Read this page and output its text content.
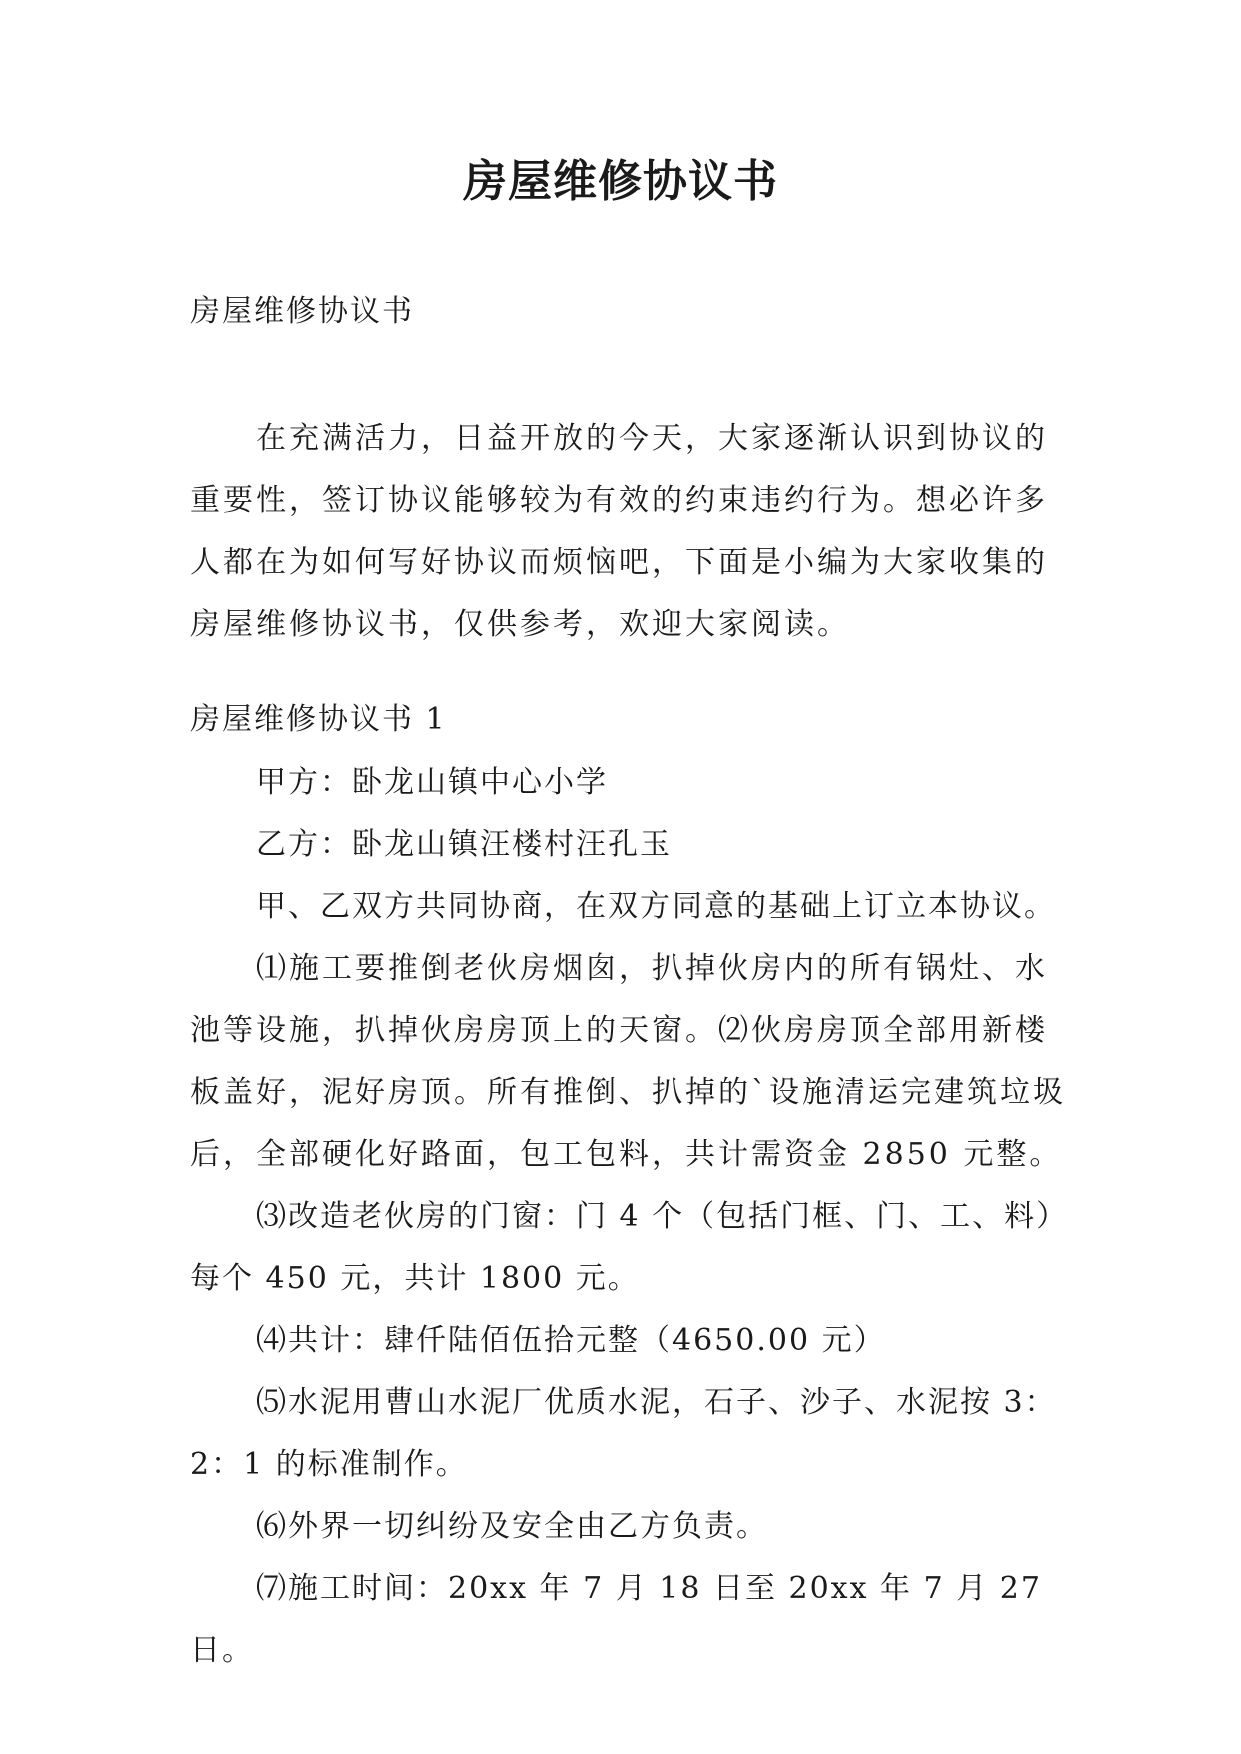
房屋维修协议书
房屋维修协议书

在充满活力，日益开放的今天，大家逐渐认识到协议的重要性，签订协议能够较为有效的约束违约行为。想必许多人都在为如何写好协议而烦恼吧，下面是小编为大家收集的房屋维修协议书，仅供参考，欢迎大家阅读。

房屋维修协议书 1

甲方：卧龙山镇中心小学

乙方：卧龙山镇汪楼村汪孔玉

甲、乙双方共同协商，在双方同意的基础上订立本协议。

⑴施工要推倒老伙房烟囱，扒掉伙房内的所有锅灶、水池等设施，扒掉伙房房顶上的天窗。⑵伙房房顶全部用新楼板盖好，泥好房顶。所有推倒、扒掉的`设施清运完建筑垃圾后，全部硬化好路面，包工包料，共计需资金 2850 元整。

⑶改造老伙房的门窗：门 4 个（包括门框、门、工、料）每个 450 元，共计 1800 元。

⑷共计：肆仟陆佰伍拾元整（4650.00 元）

⑸水泥用曹山水泥厂优质水泥，石子、沙子、水泥按 3：2：1 的标准制作。

⑹外界一切纠纷及安全由乙方负责。

⑺施工时间：20xx 年 7 月 18 日至 20xx 年 7 月 27 日。
